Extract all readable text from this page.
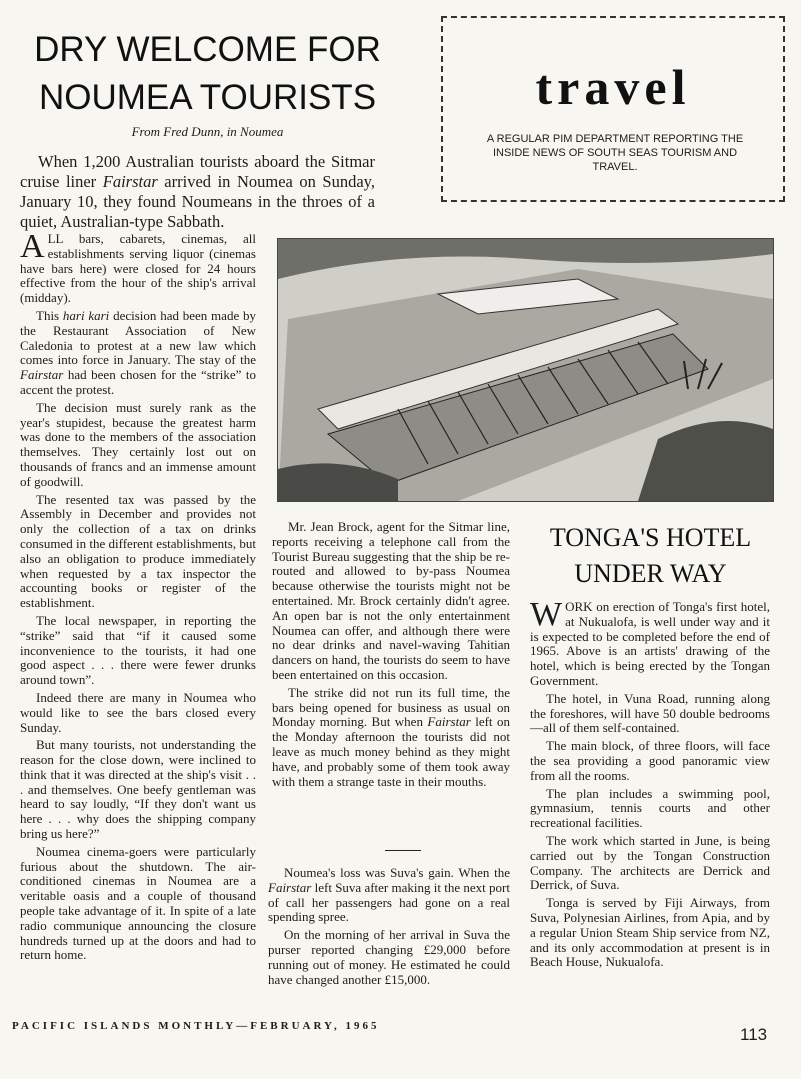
DRY WELCOME FOR
NOUMEA TOURISTS
From Fred Dunn, in Noumea
When 1,200 Australian tourists aboard the Sitmar cruise liner Fairstar arrived in Noumea on Sunday, January 10, they found Noumeans in the throes of a quiet, Australian-type Sabbath.
travel
A REGULAR PIM DEPARTMENT REPORTING THE INSIDE NEWS OF SOUTH SEAS TOURISM AND TRAVEL.

ALL bars, cabarets, cinemas, all establishments serving liquor (cinemas have bars here) were closed for 24 hours effective from the hour of the ship's arrival (midday).

This hari kari decision had been made by the Restaurant Association of New Caledonia to protest at a new law which comes into force in January. The stay of the Fairstar had been chosen for the “strike” to accent the protest.

The decision must surely rank as the year's stupidest, because the greatest harm was done to the members of the association themselves. They certainly lost out on thousands of francs and an immense amount of goodwill.

The resented tax was passed by the Assembly in December and provides not only the collection of a tax on drinks consumed in the different establishments, but also an obligation to produce immediately when requested by a tax inspector the accounting books or register of the establishment.

The local newspaper, in reporting the “strike” said that “if it caused some inconvenience to the tourists, it had one good aspect . . . there were fewer drunks around town”.

Indeed there are many in Noumea who would like to see the bars closed every Sunday.

But many tourists, not understanding the reason for the close down, were inclined to think that it was directed at the ship's visit . . . and themselves. One beefy gentleman was heard to say loudly, “If they don't want us here . . . why does the shipping company bring us here?”

Noumea cinema-goers were particularly furious about the shutdown. The air-conditioned cinemas in Noumea are a veritable oasis and a couple of thousand people take advantage of it. In spite of a late radio communique announcing the closure hundreds turned up at the doors and had to return home.

Mr. Jean Brock, agent for the Sitmar line, reports receiving a telephone call from the Tourist Bureau suggesting that the ship be re-routed and allowed to by-pass Noumea because otherwise the tourists might not be entertained. Mr. Brock certainly didn't agree. An open bar is not the only entertainment Noumea can offer, and although there were no dear drinks and navel-waving Tahitian dancers on hand, the tourists do seem to have been entertained on this occasion.

The strike did not run its full time, the bars being opened for business as usual on Monday morning. But when Fairstar left on the Monday afternoon the tourists did not leave as much money behind as they might have, and probably some of them took away with them a strange taste in their mouths.

Noumea's loss was Suva's gain. When the Fairstar left Suva after making it the next port of call her passengers had gone on a real spending spree.

On the morning of her arrival in Suva the purser reported changing £29,000 before running out of money. He estimated he could have changed another £15,000.

TONGA'S HOTEL
UNDER WAY

WORK on erection of Tonga's first hotel, at Nukualofa, is well under way and it is expected to be completed before the end of 1965. Above is an artists' drawing of the hotel, which is being erected by the Tongan Government.

The hotel, in Vuna Road, running along the foreshores, will have 50 double bedrooms—all of them self-contained.

The main block, of three floors, will face the sea providing a good panoramic view from all the rooms.

The plan includes a swimming pool, gymnasium, tennis courts and other recreational facilities.

The work which started in June, is being carried out by the Tongan Construction Company. The architects are Derrick and Derrick, of Suva.

Tonga is served by Fiji Airways, from Suva, Polynesian Airlines, from Apia, and by a regular Union Steam Ship service from NZ, and its only accommodation at present is in Beach House, Nukualofa.

PACIFIC ISLANDS MONTHLY—FEBRUARY, 1965	113
